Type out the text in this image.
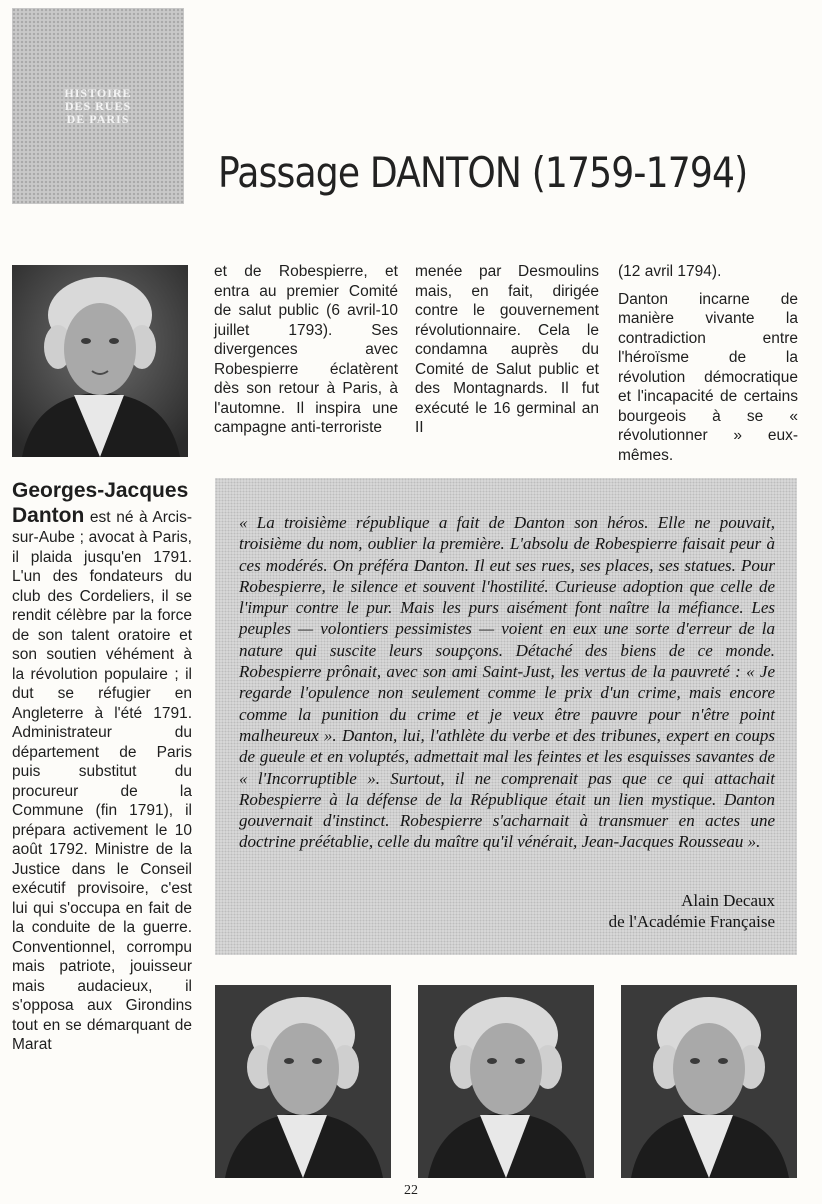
HISTOIRE
DES RUES
DE PARIS
Passage DANTON (1759-1794)

Georges-Jacques Danton est né à Arcis-sur-Aube ; avocat à Paris, il plaida jusqu'en 1791. L'un des fondateurs du club des Cordeliers, il se rendit célèbre par la force de son talent oratoire et son soutien véhément à la révolution populaire ; il dut se réfugier en Angleterre à l'été 1791. Administrateur du département de Paris puis substitut du procureur de la Commune (fin 1791), il prépara activement le 10 août 1792. Ministre de la Justice dans le Conseil exécutif provisoire, c'est lui qui s'occupa en fait de la conduite de la guerre. Conventionnel, corrompu mais patriote, jouisseur mais audacieux, il s'opposa aux Girondins tout en se démarquant de Marat

et de Robespierre, et entra au premier Comité de salut public (6 avril-10 juillet 1793). Ses divergences avec Robespierre éclatèrent dès son retour à Paris, à l'automne. Il inspira une campagne anti-terroriste

menée par Desmoulins mais, en fait, dirigée contre le gouvernement révolutionnaire. Cela le condamna auprès du Comité de Salut public et des Montagnards. Il fut exécuté le 16 germinal an II

(12 avril 1794).

Danton incarne de manière vivante la contradiction entre l'héroïsme de la révolution démocratique et l'incapacité de certains bourgeois à se « révolutionner » eux-mêmes.

« La troisième république a fait de Danton son héros. Elle ne pouvait, troisième du nom, oublier la première. L'absolu de Robespierre faisait peur à ces modérés. On préféra Danton. Il eut ses rues, ses places, ses statues. Pour Robespierre, le silence et souvent l'hostilité. Curieuse adoption que celle de l'impur contre le pur. Mais les purs aisément font naître la méfiance. Les peuples — volontiers pessimistes — voient en eux une sorte d'erreur de la nature qui suscite leurs soupçons. Détaché des biens de ce monde. Robespierre prônait, avec son ami Saint-Just, les vertus de la pauvreté : « Je regarde l'opulence non seulement comme le prix d'un crime, mais encore comme la punition du crime et je veux être pauvre pour n'être point malheureux ». Danton, lui, l'athlète du verbe et des tribunes, expert en coups de gueule et en voluptés, admettait mal les feintes et les esquisses savantes de « l'Incorruptible ». Surtout, il ne comprenait pas que ce qui attachait Robespierre à la défense de la République était un lien mystique. Danton gouvernait d'instinct. Robespierre s'acharnait à transmuer en actes une doctrine préétablie, celle du maître qu'il vénérait, Jean-Jacques Rousseau ».

Alain Decaux
de l'Académie Française
22
